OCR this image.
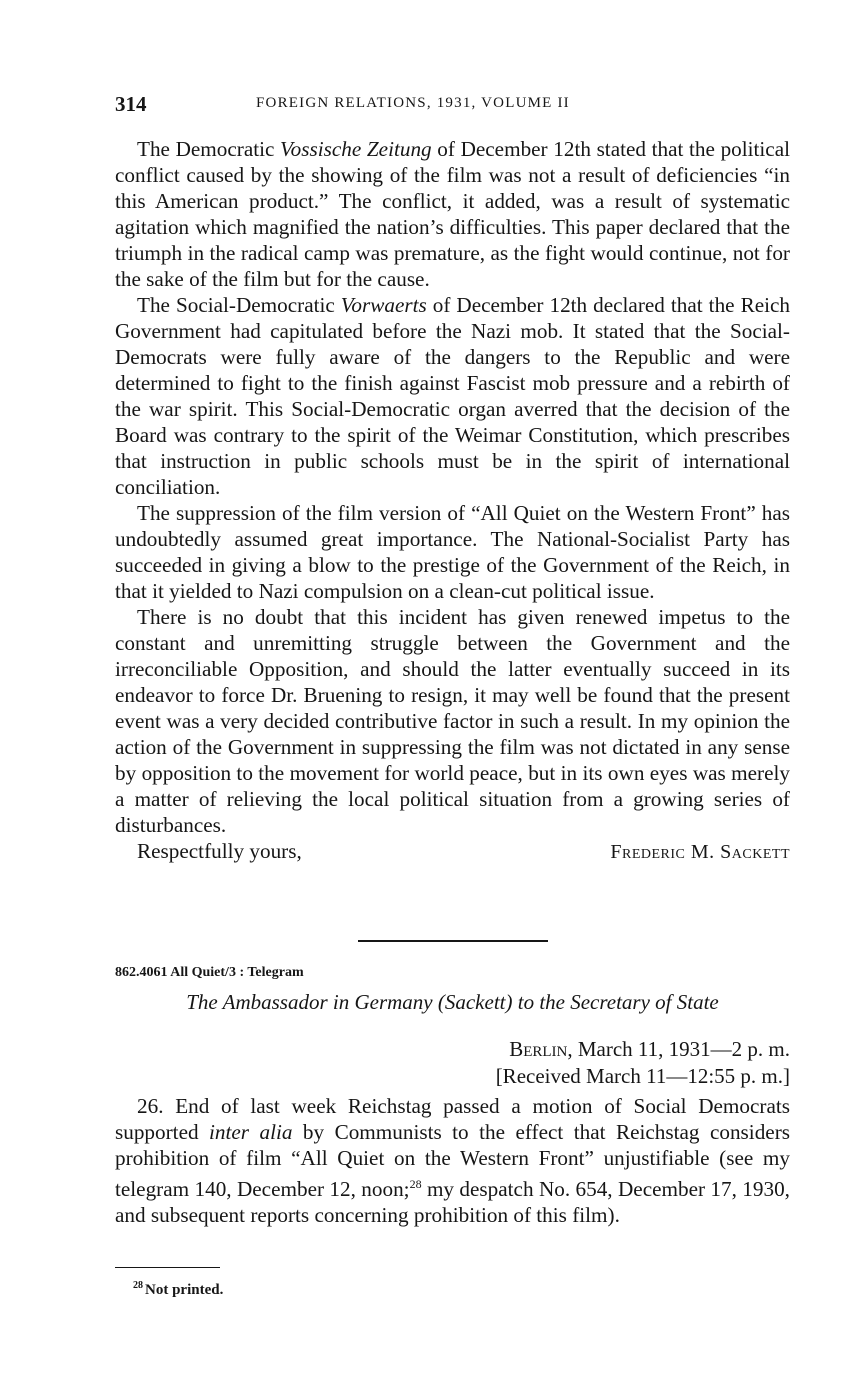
314	FOREIGN RELATIONS, 1931, VOLUME II

The Democratic Vossische Zeitung of December 12th stated that the political conflict caused by the showing of the film was not a result of deficiencies “in this American product.” The conflict, it added, was a result of systematic agitation which magnified the nation’s difficulties. This paper declared that the triumph in the radical camp was premature, as the fight would continue, not for the sake of the film but for the cause.

The Social-Democratic Vorwaerts of December 12th declared that the Reich Government had capitulated before the Nazi mob. It stated that the Social-Democrats were fully aware of the dangers to the Republic and were determined to fight to the finish against Fascist mob pressure and a rebirth of the war spirit. This Social-Democratic organ averred that the decision of the Board was contrary to the spirit of the Weimar Constitution, which prescribes that instruction in public schools must be in the spirit of international conciliation.

The suppression of the film version of “All Quiet on the Western Front” has undoubtedly assumed great importance. The National-Socialist Party has succeeded in giving a blow to the prestige of the Government of the Reich, in that it yielded to Nazi compulsion on a clean-cut political issue.

There is no doubt that this incident has given renewed impetus to the constant and unremitting struggle between the Government and the irreconciliable Opposition, and should the latter eventually succeed in its endeavor to force Dr. Bruening to resign, it may well be found that the present event was a very decided contributive factor in such a result. In my opinion the action of the Government in suppressing the film was not dictated in any sense by opposition to the movement for world peace, but in its own eyes was merely a matter of relieving the local political situation from a growing series of disturbances.

Respectfully yours,	Frederic M. Sackett
862.4061 All Quiet/3 : Telegram
The Ambassador in Germany (Sackett) to the Secretary of State
Berlin, March 11, 1931—2 p. m.
[Received March 11—12:55 p. m.]

26. End of last week Reichstag passed a motion of Social Democrats supported inter alia by Communists to the effect that Reichstag considers prohibition of film “All Quiet on the Western Front” unjustifiable (see my telegram 140, December 12, noon;$^{28}$ my despatch No. 654, December 17, 1930, and subsequent reports concerning prohibition of this film).

$^{28}$ Not printed.
